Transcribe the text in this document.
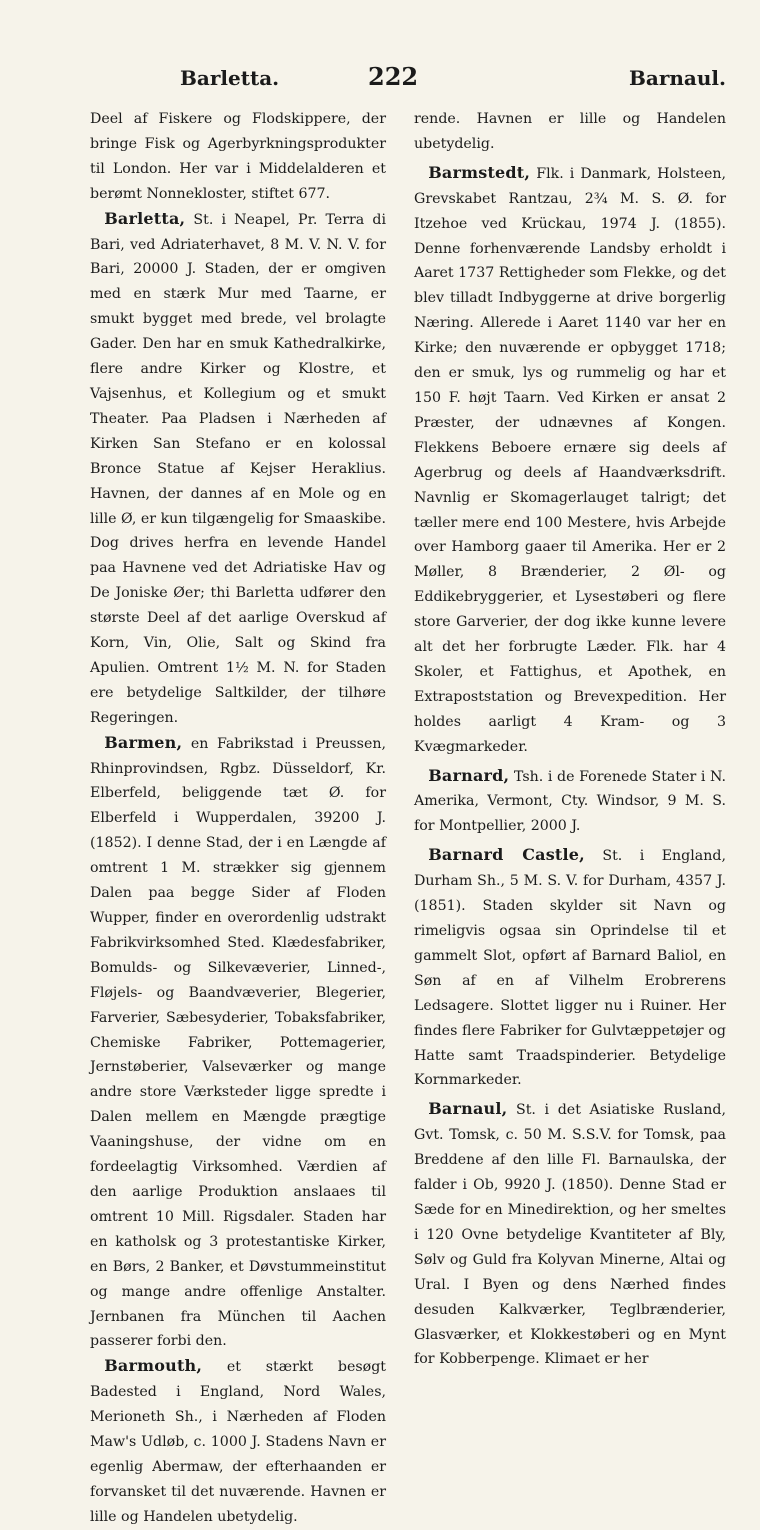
Barletta.	222	Barnaul.

Deel af Fiskere og Flodskippere, der bringe Fisk og Agerbyrkningsprodukter til London. Her var i Middelalderen et berømt Nonnekloster, stiftet 677.

Barletta, St. i Neapel, Pr. Terra di Bari, ved Adriaterhavet, 8 M. V. N. V. for Bari, 20000 J. Staden, der er omgiven med en stærk Mur med Taarne, er smukt bygget med brede, vel brolagte Gader. Den har en smuk Kathedralkirke, flere andre Kirker og Klostre, et Vajsenhus, et Kollegium og et smukt Theater. Paa Pladsen i Nærheden af Kirken San Stefano er en kolossal Bronce Statue af Kejser Heraklius. Havnen, der dannes af en Mole og en lille Ø, er kun tilgængelig for Smaaskibe. Dog drives herfra en levende Handel paa Havnene ved det Adriatiske Hav og De Joniske Øer; thi Barletta udfører den største Deel af det aarlige Overskud af Korn, Vin, Olie, Salt og Skind fra Apulien. Omtrent 1½ M. N. for Staden ere betydelige Saltkilder, der tilhøre Regeringen.

Barmen, en Fabrikstad i Preussen, Rhinprovindsen, Rgbz. Düsseldorf, Kr. Elberfeld, beliggende tæt Ø. for Elberfeld i Wupperdalen, 39200 J. (1852). I denne Stad, der i en Længde af omtrent 1 M. strækker sig gjennem Dalen paa begge Sider af Floden Wupper, finder en overordenlig udstrakt Fabrikvirksomhed Sted. Klædesfabriker, Bomulds- og Silkevæverier, Linned-, Fløjels- og Baandvæverier, Blegerier, Farverier, Sæbesyderier, Tobaksfabriker, Chemiske Fabriker, Pottemagerier, Jernstøberier, Valseværker og mange andre store Værksteder ligge spredte i Dalen mellem en Mængde prægtige Vaaningshuse, der vidne om en fordeelagtig Virksomhed. Værdien af den aarlige Produktion anslaaes til omtrent 10 Mill. Rigsdaler. Staden har en katholsk og 3 protestantiske Kirker, en Børs, 2 Banker, et Døvstummeinstitut og mange andre offenlige Anstalter. Jernbanen fra München til Aachen passerer forbi den.

Barmouth, et stærkt besøgt Badested i England, Nord Wales, Merioneth Sh., i Nærheden af Floden Maw's Udløb, c. 1000 J. Stadens Navn er egenlig Abermaw, der efterhaanden er forvansket til det nuværende. Havnen er lille og Handelen ubetydelig.

rende. Havnen er lille og Handelen ubetydelig.

Barmstedt, Flk. i Danmark, Holsteen, Grevskabet Rantzau, 2¾ M. S. Ø. for Itzehoe ved Krückau, 1974 J. (1855). Denne forhenværende Landsby erholdt i Aaret 1737 Rettigheder som Flekke, og det blev tilladt Indbyggerne at drive borgerlig Næring. Allerede i Aaret 1140 var her en Kirke; den nuværende er opbygget 1718; den er smuk, lys og rummelig og har et 150 F. højt Taarn. Ved Kirken er ansat 2 Præster, der udnævnes af Kongen. Flekkens Beboere ernære sig deels af Agerbrug og deels af Haandværksdrift. Navnlig er Skomagerlauget talrigt; det tæller mere end 100 Mestere, hvis Arbejde over Hamborg gaaer til Amerika. Her er 2 Møller, 8 Brænderier, 2 Øl- og Eddikebryggerier, et Lysestøberi og flere store Garverier, der dog ikke kunne levere alt det her forbrugte Læder. Flk. har 4 Skoler, et Fattighus, et Apothek, en Extrapoststation og Brevexpedition. Her holdes aarligt 4 Kram- og 3 Kvægmarkeder.

Barnard, Tsh. i de Forenede Stater i N. Amerika, Vermont, Cty. Windsor, 9 M. S. for Montpellier, 2000 J.

Barnard Castle, St. i England, Durham Sh., 5 M. S. V. for Durham, 4357 J. (1851). Staden skylder sit Navn og rimeligvis ogsaa sin Oprindelse til et gammelt Slot, opført af Barnard Baliol, en Søn af en af Vilhelm Erobrerens Ledsagere. Slottet ligger nu i Ruiner. Her findes flere Fabriker for Gulvtæppetøjer og Hatte samt Traadspinderier. Betydelige Kornmarkeder.

Barnaul, St. i det Asiatiske Rusland, Gvt. Tomsk, c. 50 M. S.S.V. for Tomsk, paa Breddene af den lille Fl. Barnaulska, der falder i Ob, 9920 J. (1850). Denne Stad er Sæde for en Minedirektion, og her smeltes i 120 Ovne betydelige Kvantiteter af Bly, Sølv og Guld fra Kolyvan Minerne, Altai og Ural. I Byen og dens Nærhed findes desuden Kalkværker, Teglbrænderier, Glasværker, et Klokkestøberi og en Mynt for Kobberpenge. Klimaet er her
